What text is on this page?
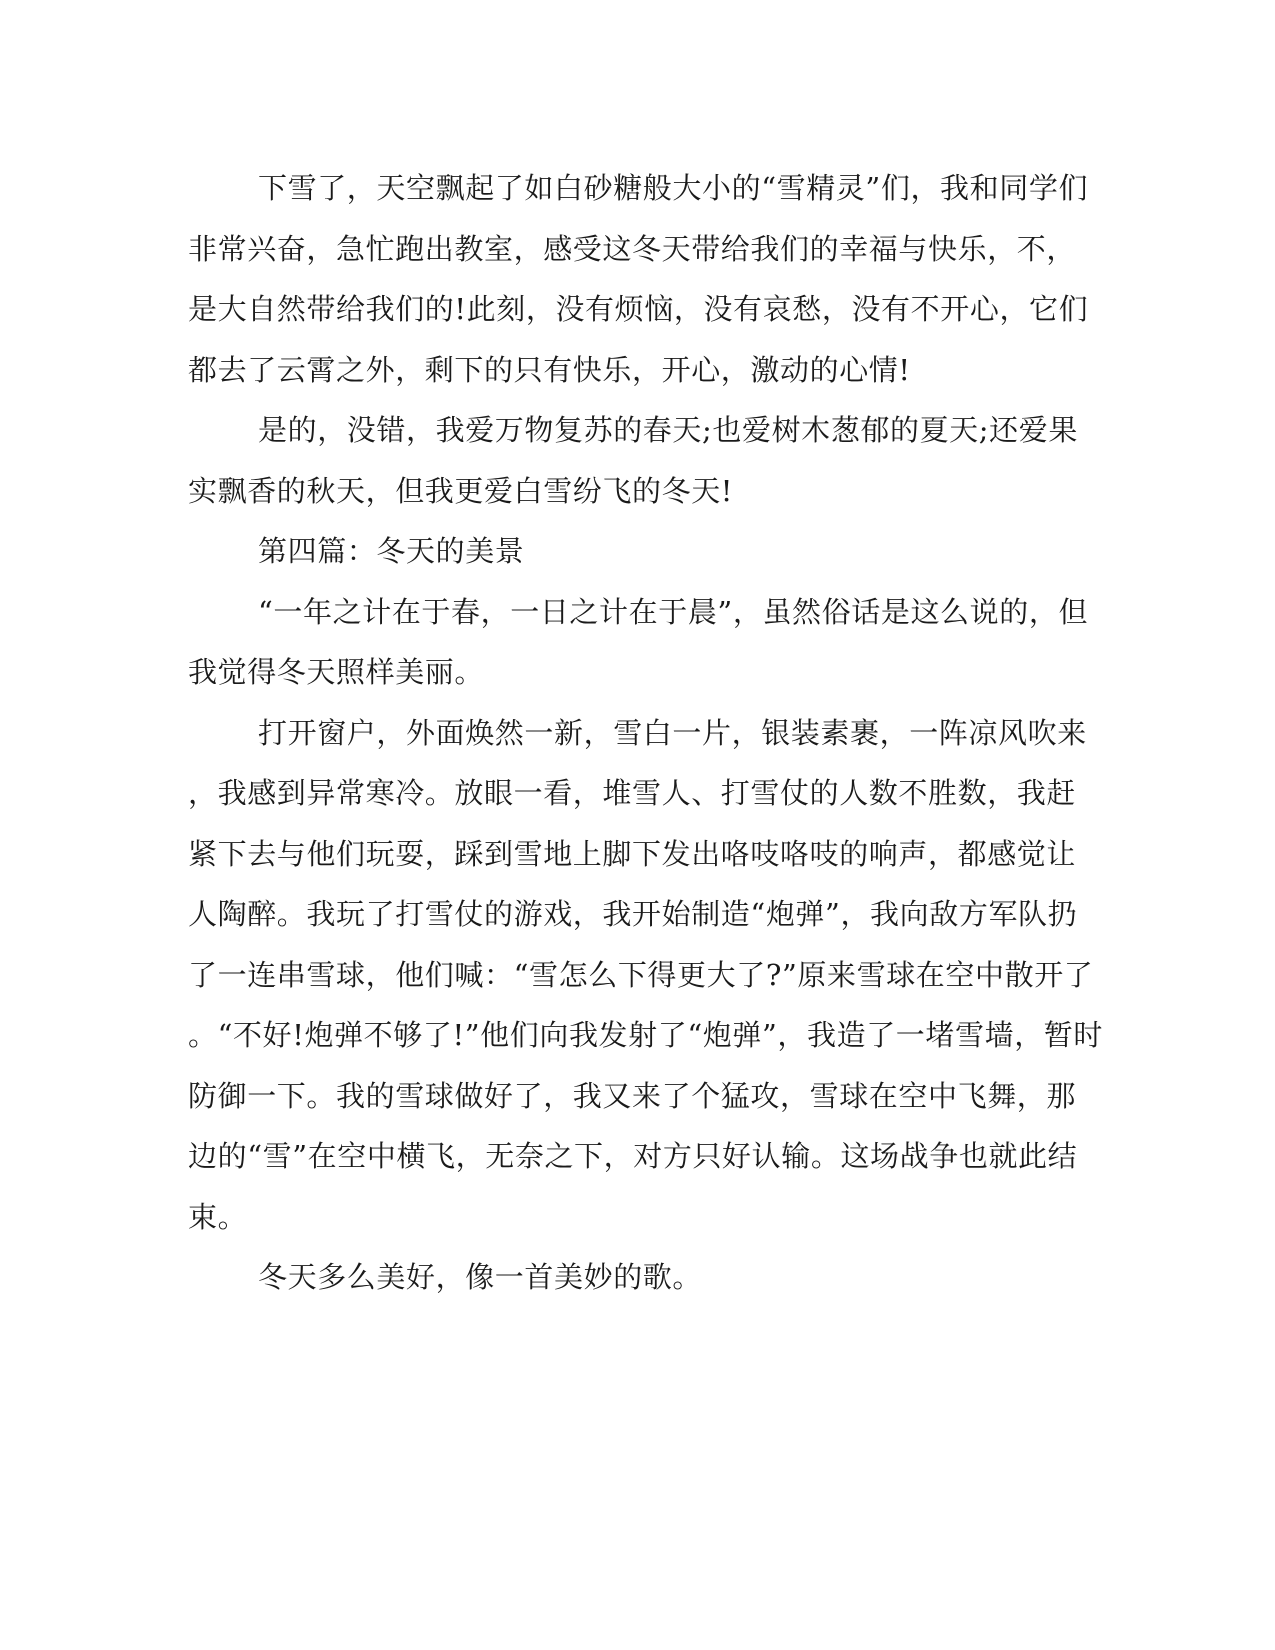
下雪了，天空飘起了如白砂糖般大小的“雪精灵”们，我和同学们
非常兴奋，急忙跑出教室，感受这冬天带给我们的幸福与快乐，不，
是大自然带给我们的!此刻，没有烦恼，没有哀愁，没有不开心，它们
都去了云霄之外，剩下的只有快乐，开心，激动的心情!
是的，没错，我爱万物复苏的春天;也爱树木葱郁的夏天;还爱果
实飘香的秋天，但我更爱白雪纷飞的冬天!
第四篇：冬天的美景
“一年之计在于春，一日之计在于晨”，虽然俗话是这么说的，但
我觉得冬天照样美丽。
打开窗户，外面焕然一新，雪白一片，银装素裹，一阵凉风吹来
，我感到异常寒冷。放眼一看，堆雪人、打雪仗的人数不胜数，我赶
紧下去与他们玩耍，踩到雪地上脚下发出咯吱咯吱的响声，都感觉让
人陶醉。我玩了打雪仗的游戏，我开始制造“炮弹”，我向敌方军队扔
了一连串雪球，他们喊：“雪怎么下得更大了?”原来雪球在空中散开了
。“不好!炮弹不够了!”他们向我发射了“炮弹”，我造了一堵雪墙，暂时
防御一下。我的雪球做好了，我又来了个猛攻，雪球在空中飞舞，那
边的“雪”在空中横飞，无奈之下，对方只好认输。这场战争也就此结
束。
冬天多么美好，像一首美妙的歌。
